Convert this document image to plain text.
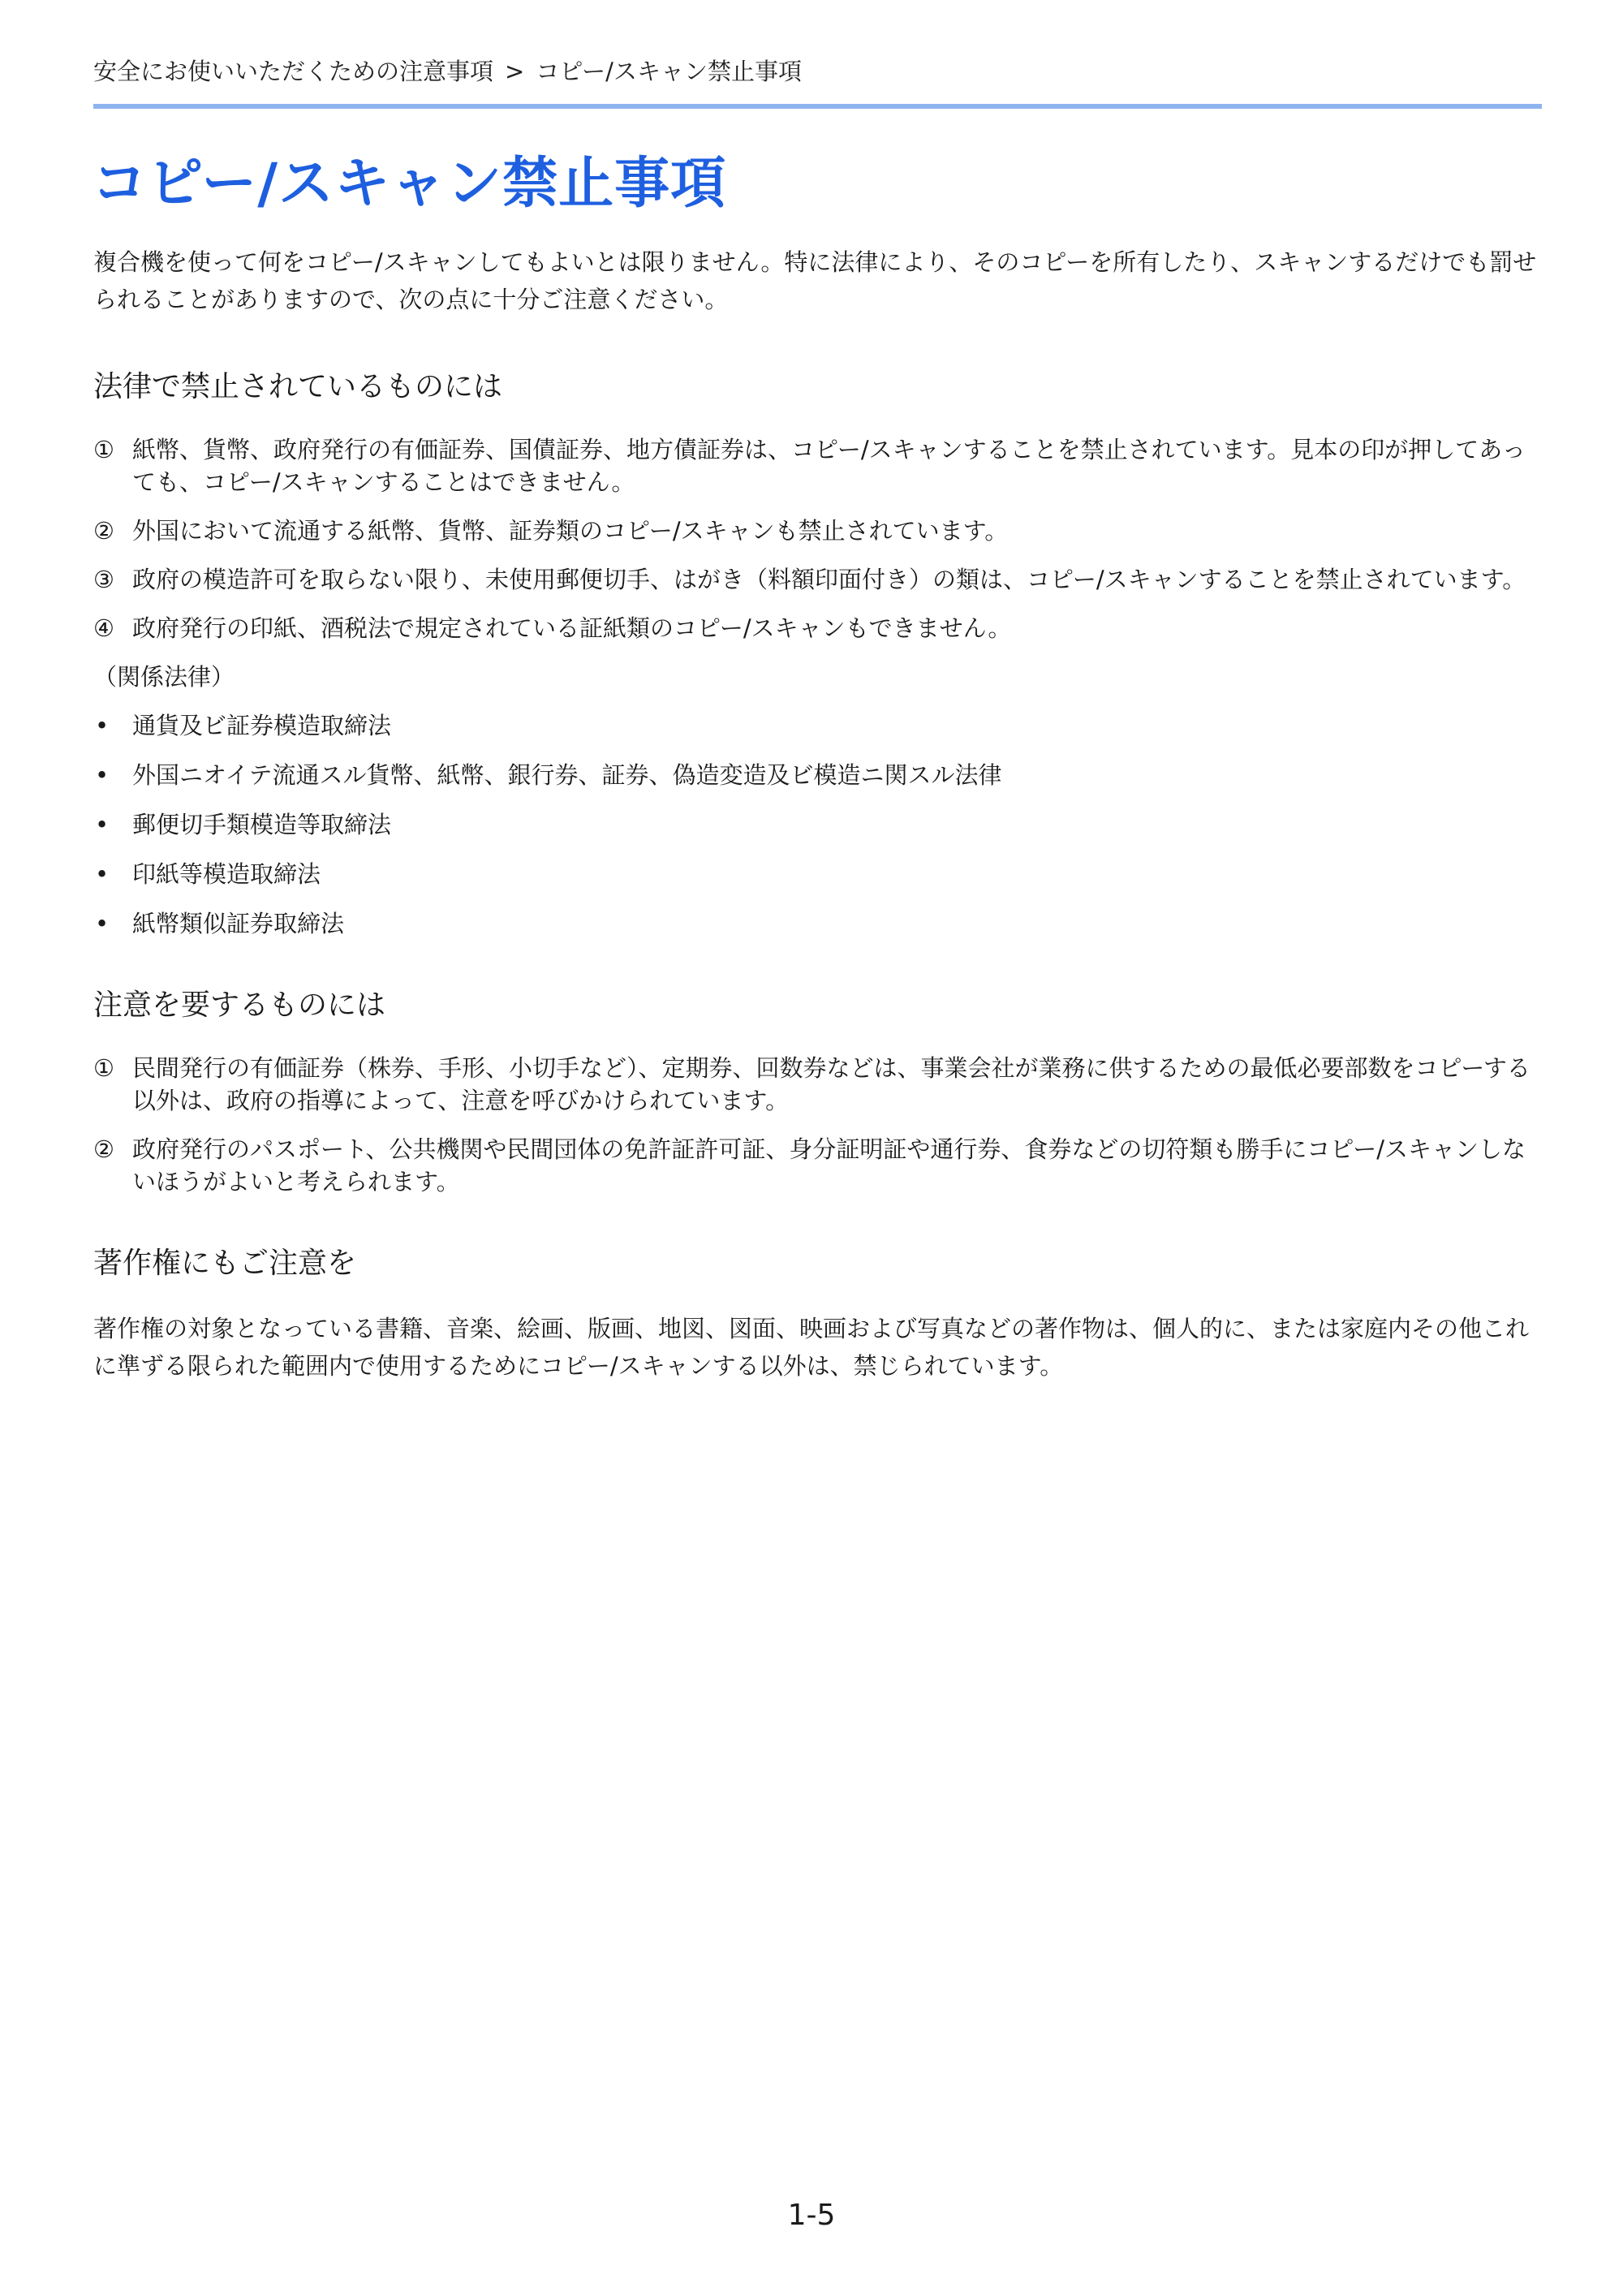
安全にお使いいただくための注意事項 > コピー/スキャン禁止事項
コピー/スキャン禁止事項

複合機を使って何をコピー/スキャンしてもよいとは限りません。特に法律により、そのコピーを所有したり、スキャンするだけでも罰せられることがありますので、次の点に十分ご注意ください。

法律で禁止されているものには
① 紙幣、貨幣、政府発行の有価証券、国債証券、地方債証券は、コピー/スキャンすることを禁止されています。見本の印が押してあっても、コピー/スキャンすることはできません。
② 外国において流通する紙幣、貨幣、証券類のコピー/スキャンも禁止されています。
③ 政府の模造許可を取らない限り、未使用郵便切手、はがき（料額印面付き）の類は、コピー/スキャンすることを禁止されています。
④ 政府発行の印紙、酒税法で規定されている証紙類のコピー/スキャンもできません。
（関係法律）
• 通貨及ビ証券模造取締法
• 外国ニオイテ流通スル貨幣、紙幣、銀行券、証券、偽造変造及ビ模造ニ関スル法律
• 郵便切手類模造等取締法
• 印紙等模造取締法
• 紙幣類似証券取締法
注意を要するものには
① 民間発行の有価証券（株券、手形、小切手など）、定期券、回数券などは、事業会社が業務に供するための最低必要部数をコピーする以外は、政府の指導によって、注意を呼びかけられています。
② 政府発行のパスポート、公共機関や民間団体の免許証許可証、身分証明証や通行券、食券などの切符類も勝手にコピー/スキャンしないほうがよいと考えられます。
著作権にもご注意を

著作権の対象となっている書籍、音楽、絵画、版画、地図、図面、映画および写真などの著作物は、個人的に、または家庭内その他これに準ずる限られた範囲内で使用するためにコピー/スキャンする以外は、禁じられています。

1-5
